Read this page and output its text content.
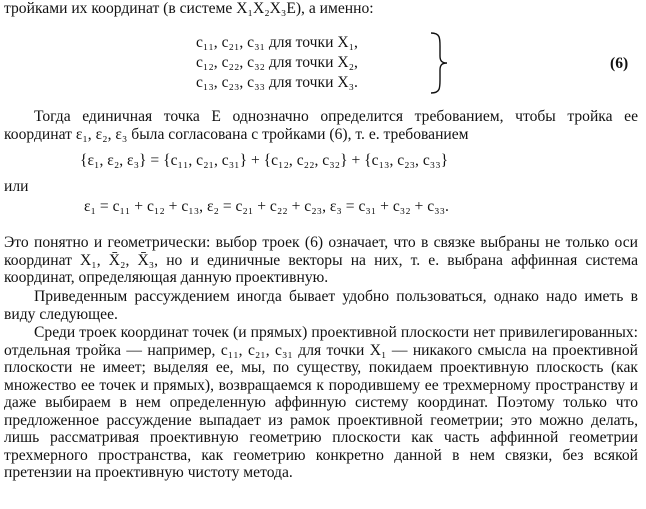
тройками их координат (в системе X₁X₂X₃E), а именно:
c₁₁, c₂₁, c₃₁ для точки X₁,
c₁₂, c₂₂, c₃₂ для точки X₂,
c₁₃, c₂₃, c₃₃ для точки X₃.
(6)
Тогда единичная точка E однозначно определится требованием, чтобы тройка ее координат ε₁, ε₂, ε₃ была согласована с тройками (6), т. е. требованием
{ε₁, ε₂, ε₃} = {c₁₁, c₂₁, c₃₁} + {c₁₂, c₂₂, c₃₂} + {c₁₃, c₂₃, c₃₃}
или
ε₁ = c₁₁ + c₁₂ + c₁₃, ε₂ = c₂₁ + c₂₂ + c₂₃, ε₃ = c₃₁ + c₃₂ + c₃₃.
Это понятно и геометрически: выбор троек (6) означает, что в связке выбраны не только оси координат X₁, X̄₂, X̄₃, но и единичные векторы на них, т. е. выбрана аффинная система координат, определяющая данную проективную.
Приведенным рассуждением иногда бывает удобно пользоваться, однако надо иметь в виду следующее.
Среди троек координат точек (и прямых) проективной плоскости нет привилегированных: отдельная тройка — например, c₁₁, c₂₁, c₃₁ для точки X₁ — никакого смысла на проективной плоскости не имеет; выделяя ее, мы, по существу, покидаем проективную плоскость (как множество ее точек и прямых), возвращаемся к породившему ее трехмерному пространству и даже выбираем в нем определенную аффинную систему координат. Поэтому только что предложенное рассуждение выпадает из рамок проективной геометрии; это можно делать, лишь рассматривая проективную геометрию плоскости как часть аффинной геометрии трехмерного пространства, как геометрию конкретно данной в нем связки, без всякой претензии на проективную чистоту метода.
